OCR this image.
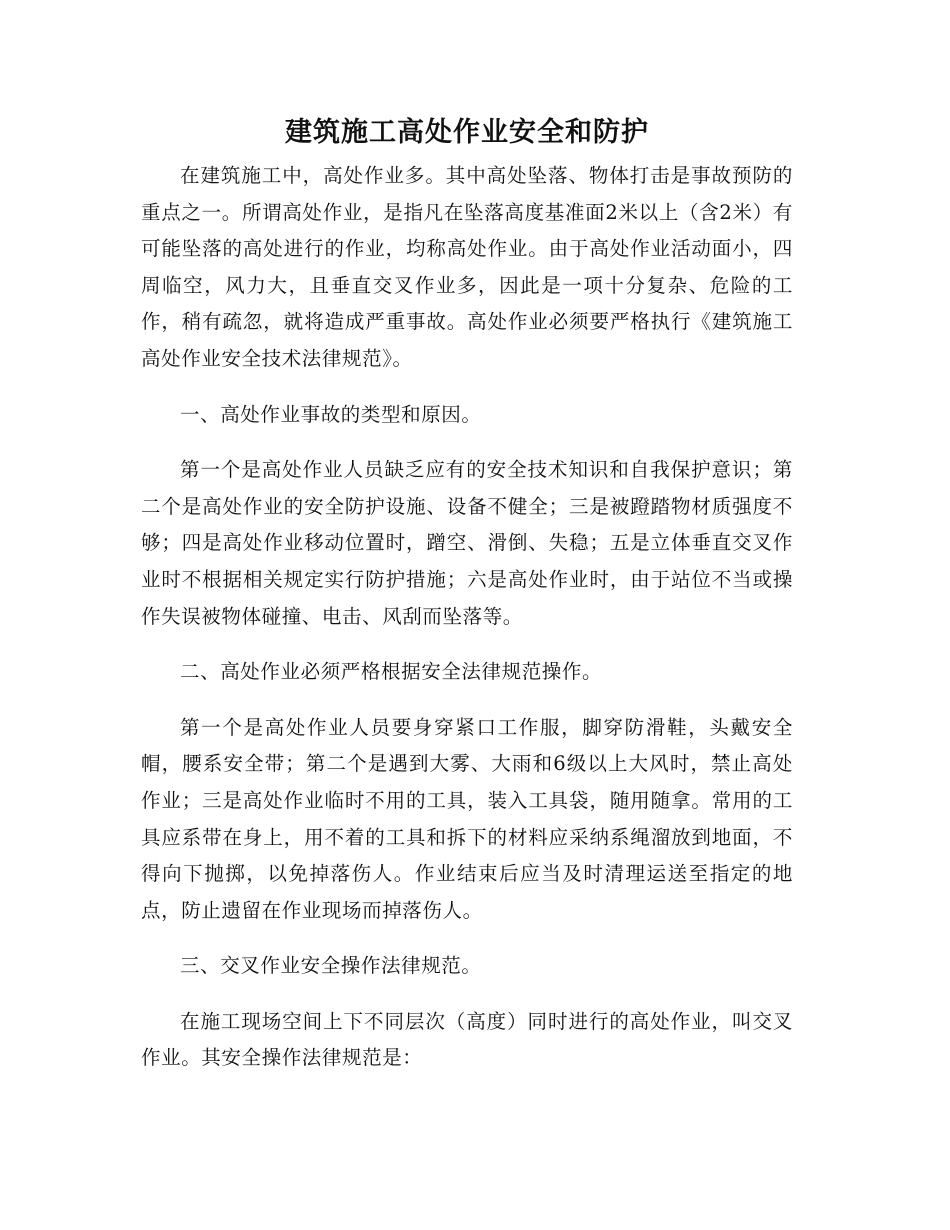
建筑施工高处作业安全和防护

在建筑施工中，高处作业多。其中高处坠落、物体打击是事故预防的重点之一。所谓高处作业，是指凡在坠落高度基准面2米以上（含2米）有可能坠落的高处进行的作业，均称高处作业。由于高处作业活动面小，四周临空，风力大，且垂直交叉作业多，因此是一项十分复杂、危险的工作，稍有疏忽，就将造成严重事故。高处作业必须要严格执行《建筑施工高处作业安全技术法律规范》。

一、高处作业事故的类型和原因。

第一个是高处作业人员缺乏应有的安全技术知识和自我保护意识；第二个是高处作业的安全防护设施、设备不健全；三是被蹬踏物材质强度不够；四是高处作业移动位置时，蹭空、滑倒、失稳；五是立体垂直交叉作业时不根据相关规定实行防护措施；六是高处作业时，由于站位不当或操作失误被物体碰撞、电击、风刮而坠落等。

二、高处作业必须严格根据安全法律规范操作。

第一个是高处作业人员要身穿紧口工作服，脚穿防滑鞋，头戴安全帽，腰系安全带；第二个是遇到大雾、大雨和6级以上大风时，禁止高处作业；三是高处作业临时不用的工具，装入工具袋，随用随拿。常用的工具应系带在身上，用不着的工具和拆下的材料应采纳系绳溜放到地面，不得向下抛掷，以免掉落伤人。作业结束后应当及时清理运送至指定的地点，防止遗留在作业现场而掉落伤人。

三、交叉作业安全操作法律规范。

在施工现场空间上下不同层次（高度）同时进行的高处作业，叫交叉作业。其安全操作法律规范是：
